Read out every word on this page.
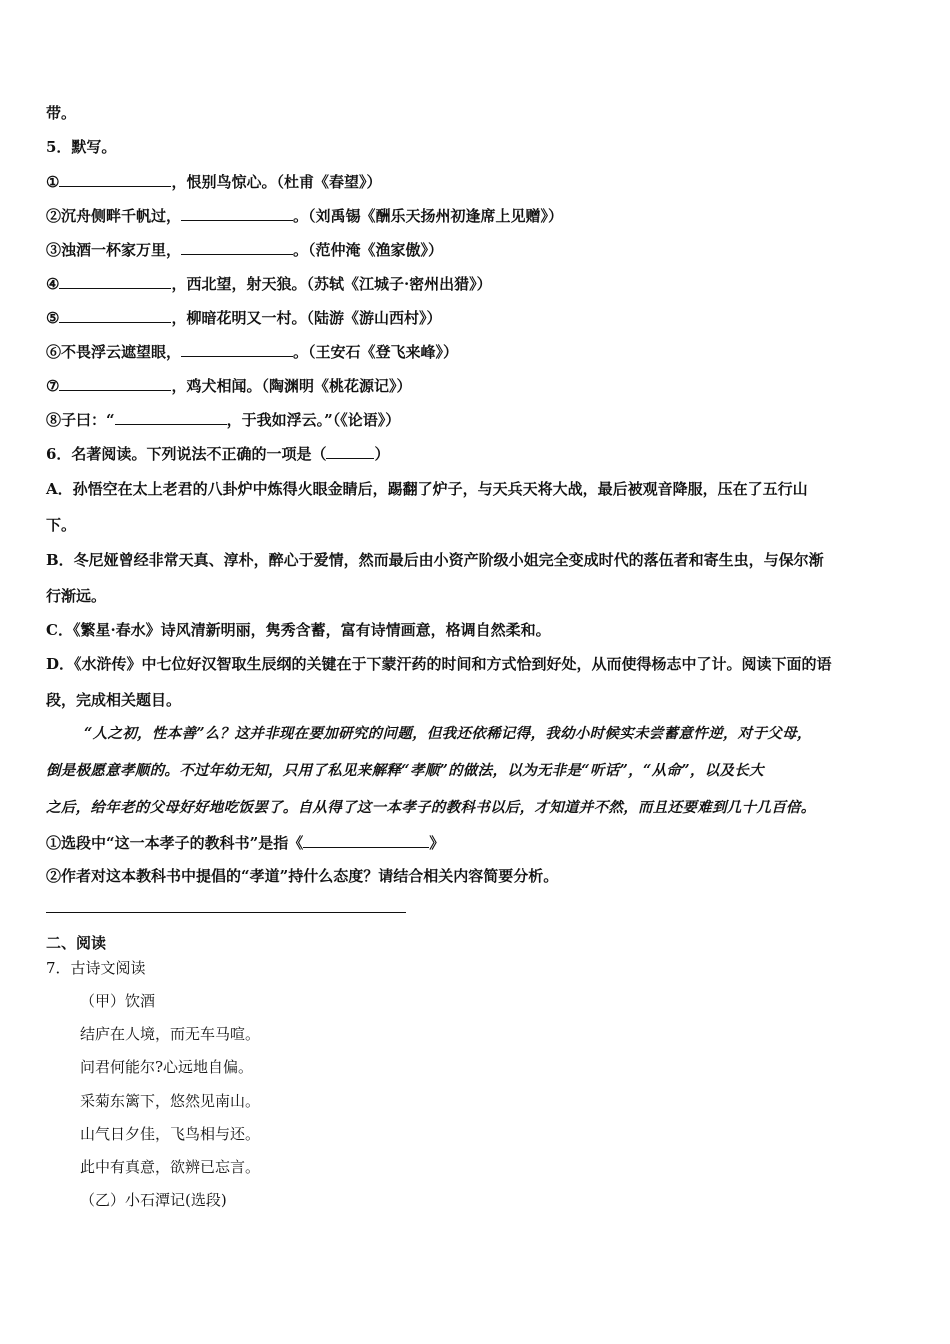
带。
5．默写。
①	，恨别鸟惊心。（杜甫《春望》）
②沉舟侧畔千帆过，	。（刘禹锡《酬乐天扬州初逢席上见赠》）
③浊酒一杯家万里，	。（范仲淹《渔家傲》）
④	，西北望，射天狼。（苏轼《江城子·密州出猎》）
⑤	，柳暗花明又一村。（陆游《游山西村》）
⑥不畏浮云遮望眼，	。（王安石《登飞来峰》）
⑦	，鸡犬相闻。（陶渊明《桃花源记》）
⑧子曰：“	，于我如浮云。”（《论语》）
6．名著阅读。下列说法不正确的一项是（	）
A．孙悟空在太上老君的八卦炉中炼得火眼金睛后，踢翻了炉子，与天兵天将大战，最后被观音降服，压在了五行山
下。
B．冬尼娅曾经非常天真、淳朴，醉心于爱情，然而最后由小资产阶级小姐完全变成时代的落伍者和寄生虫，与保尔渐
行渐远。
C．《繁星·春水》诗风清新明丽，隽秀含蓄，富有诗情画意，格调自然柔和。
D．《水浒传》中七位好汉智取生辰纲的关键在于下蒙汗药的时间和方式恰到好处，从而使得杨志中了计。阅读下面的语
段，完成相关题目。
“人之初，性本善”么？这并非现在要加研究的问题，但我还依稀记得，我幼小时候实未尝蓄意忤逆，对于父母，
倒是极愿意孝顺的。不过年幼无知，只用了私见来解释“孝顺”的做法，以为无非是“听话”，“从命”，以及长大
之后，给年老的父母好好地吃饭罢了。自从得了这一本孝子的教科书以后，才知道并不然，而且还要难到几十几百倍。
①选段中“这一本孝子的教科书”是指《	》
②作者对这本教科书中提倡的“孝道”持什么态度？请结合相关内容简要分析。
二、阅读
7．古诗文阅读
（甲）饮酒
结庐在人境，而无车马喧。
问君何能尔?心远地自偏。
采菊东篱下，悠然见南山。
山气日夕佳，飞鸟相与还。
此中有真意，欲辨已忘言。
（乙）小石潭记(选段)
